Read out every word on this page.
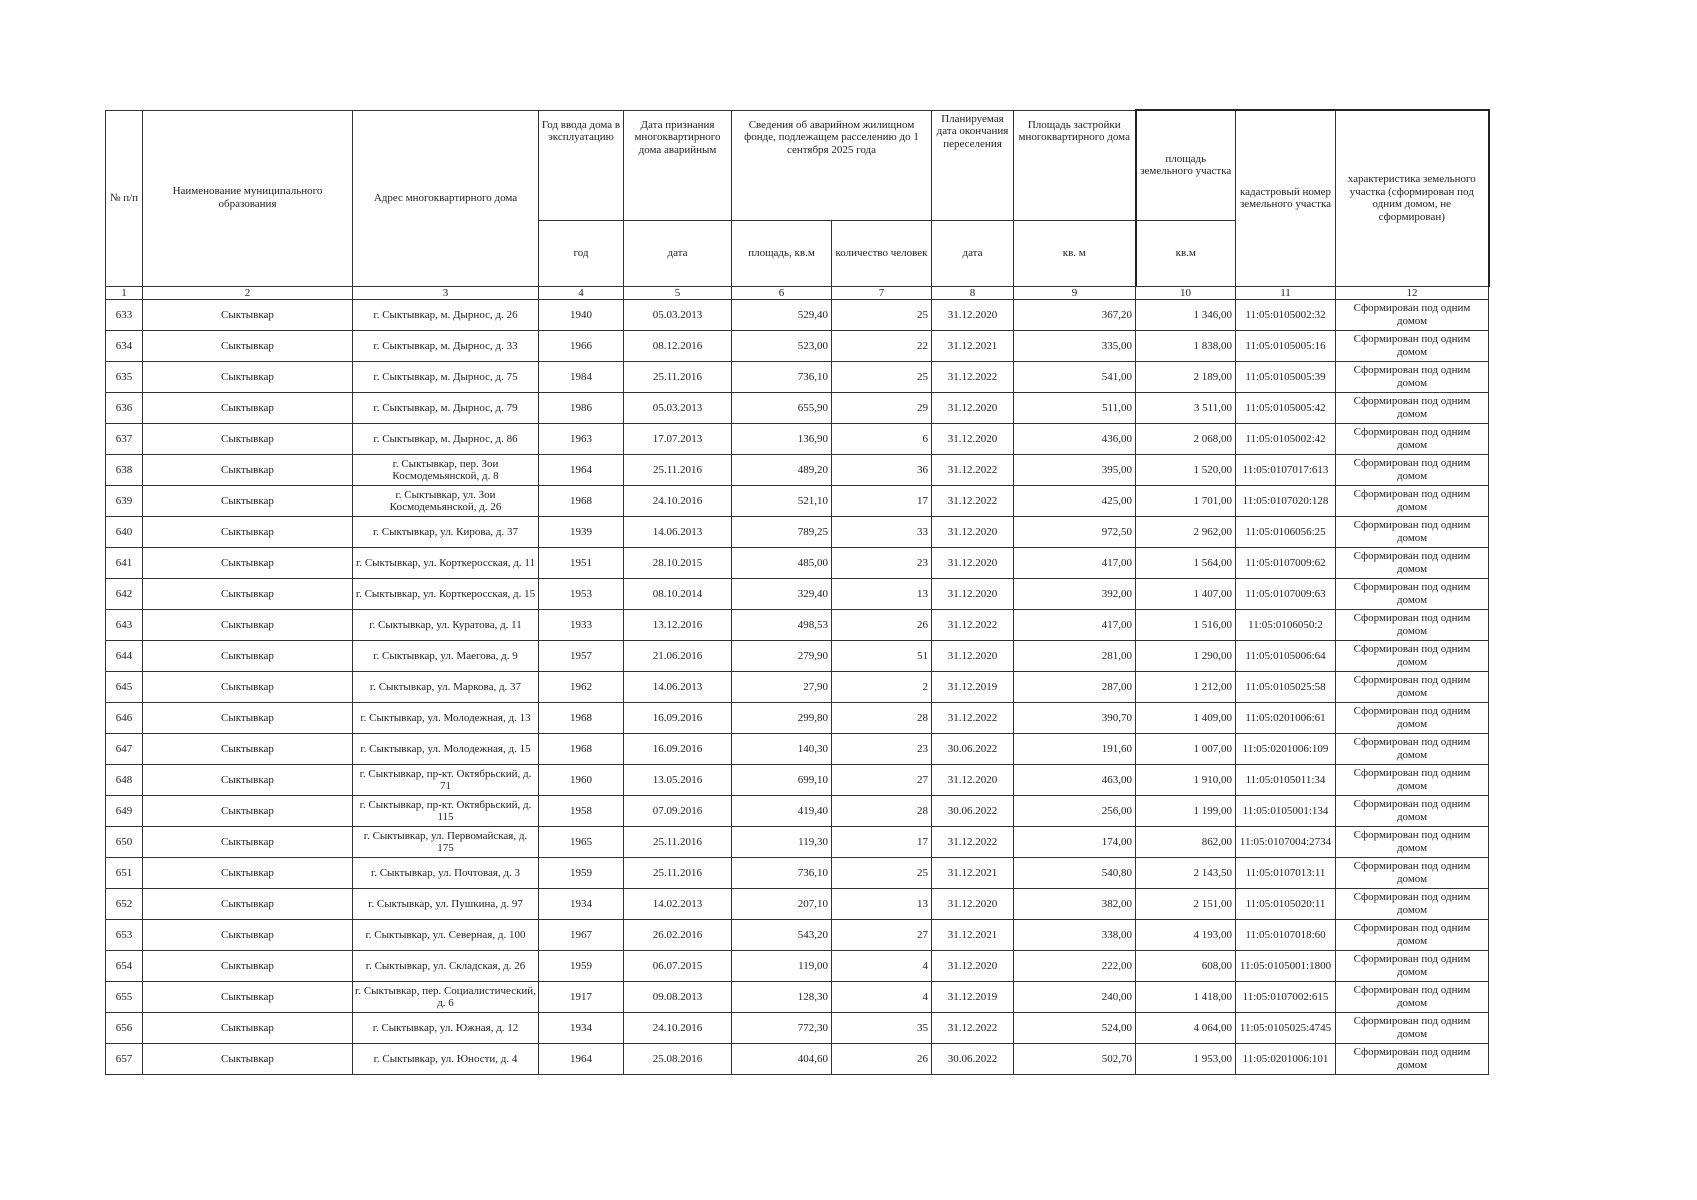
№ п/п	Наименование муниципального образования	Адрес многоквартирного дома	Год ввода дома в эксплуатацию	Дата признания многоквартирного дома аварийным	Сведения об аварийном жилищном фонде, подлежащем расселению до 1 сентября 2025 года		Планируемая дата окончания переселения	Площадь застройки многоквартирного дома	площадь земельного участка	кадастровый номер земельного участка	характеристика земельного участка (сформирован под одним домом, не сформирован)
			год	дата	площадь, кв.м	количество человек	дата	кв. м	кв.м		
1	2	3	4	5	6	7	8	9	10	11	12
633	Сыктывкар	г. Сыктывкар, м. Дырнос, д. 26	1940	05.03.2013	529,40	25	31.12.2020	367,20	1 346,00	11:05:0105002:32	Сформирован под одним домом
634	Сыктывкар	г. Сыктывкар, м. Дырнос, д. 33	1966	08.12.2016	523,00	22	31.12.2021	335,00	1 838,00	11:05:0105005:16	Сформирован под одним домом
635	Сыктывкар	г. Сыктывкар, м. Дырнос, д. 75	1984	25.11.2016	736,10	25	31.12.2022	541,00	2 189,00	11:05:0105005:39	Сформирован под одним домом
636	Сыктывкар	г. Сыктывкар, м. Дырнос, д. 79	1986	05.03.2013	655,90	29	31.12.2020	511,00	3 511,00	11:05:0105005:42	Сформирован под одним домом
637	Сыктывкар	г. Сыктывкар, м. Дырнос, д. 86	1963	17.07.2013	136,90	6	31.12.2020	436,00	2 068,00	11:05:0105002:42	Сформирован под одним домом
638	Сыктывкар	г. Сыктывкар, пер. Зои Космодемьянской, д. 8	1964	25.11.2016	489,20	36	31.12.2022	395,00	1 520,00	11:05:0107017:613	Сформирован под одним домом
639	Сыктывкар	г. Сыктывкар, ул. Зои Космодемьянской, д. 26	1968	24.10.2016	521,10	17	31.12.2022	425,00	1 701,00	11:05:0107020:128	Сформирован под одним домом
640	Сыктывкар	г. Сыктывкар, ул. Кирова, д. 37	1939	14.06.2013	789,25	33	31.12.2020	972,50	2 962,00	11:05:0106056:25	Сформирован под одним домом
641	Сыктывкар	г. Сыктывкар, ул. Корткеросская, д. 11	1951	28.10.2015	485,00	23	31.12.2020	417,00	1 564,00	11:05:0107009:62	Сформирован под одним домом
642	Сыктывкар	г. Сыктывкар, ул. Корткеросская, д. 15	1953	08.10.2014	329,40	13	31.12.2020	392,00	1 407,00	11:05:0107009:63	Сформирован под одним домом
643	Сыктывкар	г. Сыктывкар, ул. Куратова, д. 11	1933	13.12.2016	498,53	26	31.12.2022	417,00	1 516,00	11:05:0106050:2	Сформирован под одним домом
644	Сыктывкар	г. Сыктывкар, ул. Маегова, д. 9	1957	21.06.2016	279,90	51	31.12.2020	281,00	1 290,00	11:05:0105006:64	Сформирован под одним домом
645	Сыктывкар	г. Сыктывкар, ул. Маркова, д. 37	1962	14.06.2013	27,90	2	31.12.2019	287,00	1 212,00	11:05:0105025:58	Сформирован под одним домом
646	Сыктывкар	г. Сыктывкар, ул. Молодежная, д. 13	1968	16.09.2016	299,80	28	31.12.2022	390,70	1 409,00	11:05:0201006:61	Сформирован под одним домом
647	Сыктывкар	г. Сыктывкар, ул. Молодежная, д. 15	1968	16.09.2016	140,30	23	30.06.2022	191,60	1 007,00	11:05:0201006:109	Сформирован под одним домом
648	Сыктывкар	г. Сыктывкар, пр-кт. Октябрьский, д. 71	1960	13.05.2016	699,10	27	31.12.2020	463,00	1 910,00	11:05:0105011:34	Сформирован под одним домом
649	Сыктывкар	г. Сыктывкар, пр-кт. Октябрьский, д. 115	1958	07.09.2016	419,40	28	30.06.2022	256,00	1 199,00	11:05:0105001:134	Сформирован под одним домом
650	Сыктывкар	г. Сыктывкар, ул. Первомайская, д. 175	1965	25.11.2016	119,30	17	31.12.2022	174,00	862,00	11:05:0107004:2734	Сформирован под одним домом
651	Сыктывкар	г. Сыктывкар, ул. Почтовая, д. 3	1959	25.11.2016	736,10	25	31.12.2021	540,80	2 143,50	11:05:0107013:11	Сформирован под одним домом
652	Сыктывкар	г. Сыктывкар, ул. Пушкина, д. 97	1934	14.02.2013	207,10	13	31.12.2020	382,00	2 151,00	11:05:0105020:11	Сформирован под одним домом
653	Сыктывкар	г. Сыктывкар, ул. Северная, д. 100	1967	26.02.2016	543,20	27	31.12.2021	338,00	4 193,00	11:05:0107018:60	Сформирован под одним домом
654	Сыктывкар	г. Сыктывкар, ул. Складская, д. 26	1959	06.07.2015	119,00	4	31.12.2020	222,00	608,00	11:05:0105001:1800	Сформирован под одним домом
655	Сыктывкар	г. Сыктывкар, пер. Социалистический, д. 6	1917	09.08.2013	128,30	4	31.12.2019	240,00	1 418,00	11:05:0107002:615	Сформирован под одним домом
656	Сыктывкар	г. Сыктывкар, ул. Южная, д. 12	1934	24.10.2016	772,30	35	31.12.2022	524,00	4 064,00	11:05:0105025:4745	Сформирован под одним домом
657	Сыктывкар	г. Сыктывкар, ул. Юности, д. 4	1964	25.08.2016	404,60	26	30.06.2022	502,70	1 953,00	11:05:0201006:101	Сформирован под одним домом
